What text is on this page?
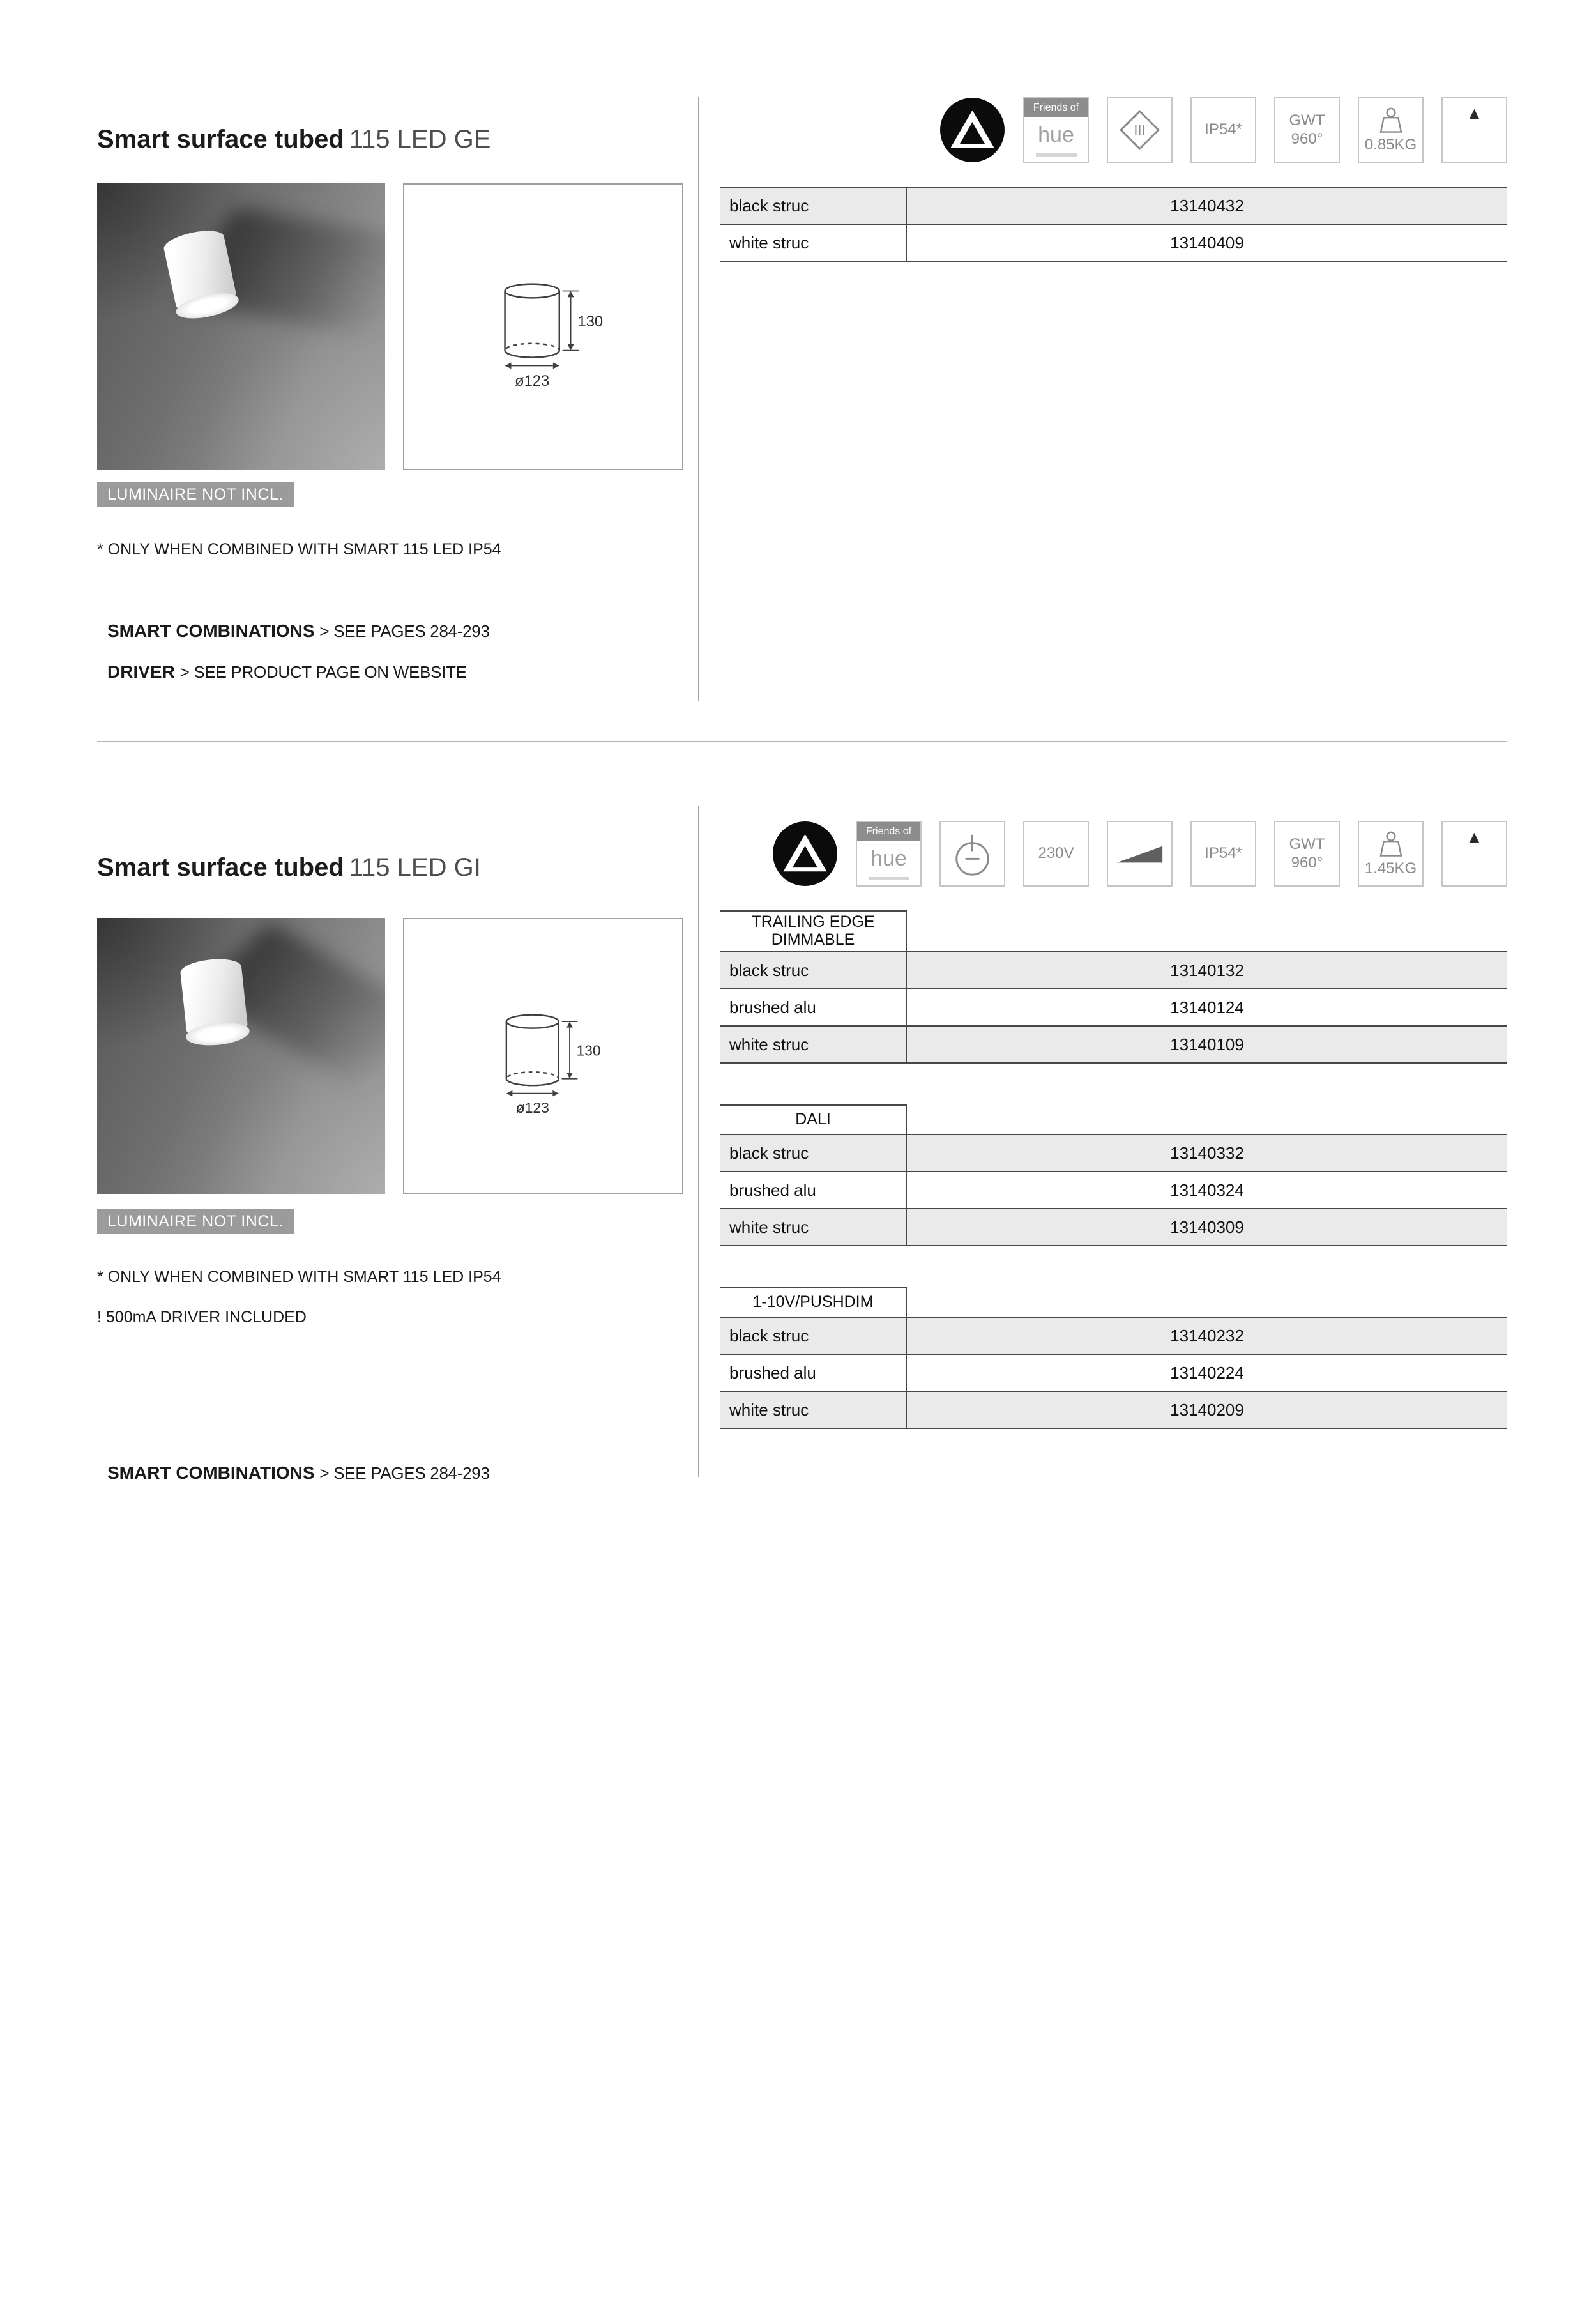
Smart surface tubed 115 LED GE
130
ø123
LUMINAIRE NOT INCL.

* ONLY WHEN COMBINED WITH SMART 115 LED IP54

SMART COMBINATIONS > SEE PAGES 284-293

DRIVER > SEE PRODUCT PAGE ON WEBSITE

Friends of
hue	III	IP54*
GWT
960°	0.85KG
▲
black struc	13140432
white struc	13140409
Smart surface tubed 115 LED GI
Friends of
hue	230V	IP54*
GWT
960°	1.45KG
▲
130
ø123
LUMINAIRE NOT INCL.

* ONLY WHEN COMBINED WITH SMART 115 LED IP54

! 500mA DRIVER INCLUDED

SMART COMBINATIONS > SEE PAGES 284-293

TRAILING EDGE
DIMMABLE
black struc	13140132
brushed alu	13140124
white struc	13140109
DALI
black struc	13140332
brushed alu	13140324
white struc	13140309
1-10V/PUSHDIM
black struc	13140232
brushed alu	13140224
white struc	13140209
